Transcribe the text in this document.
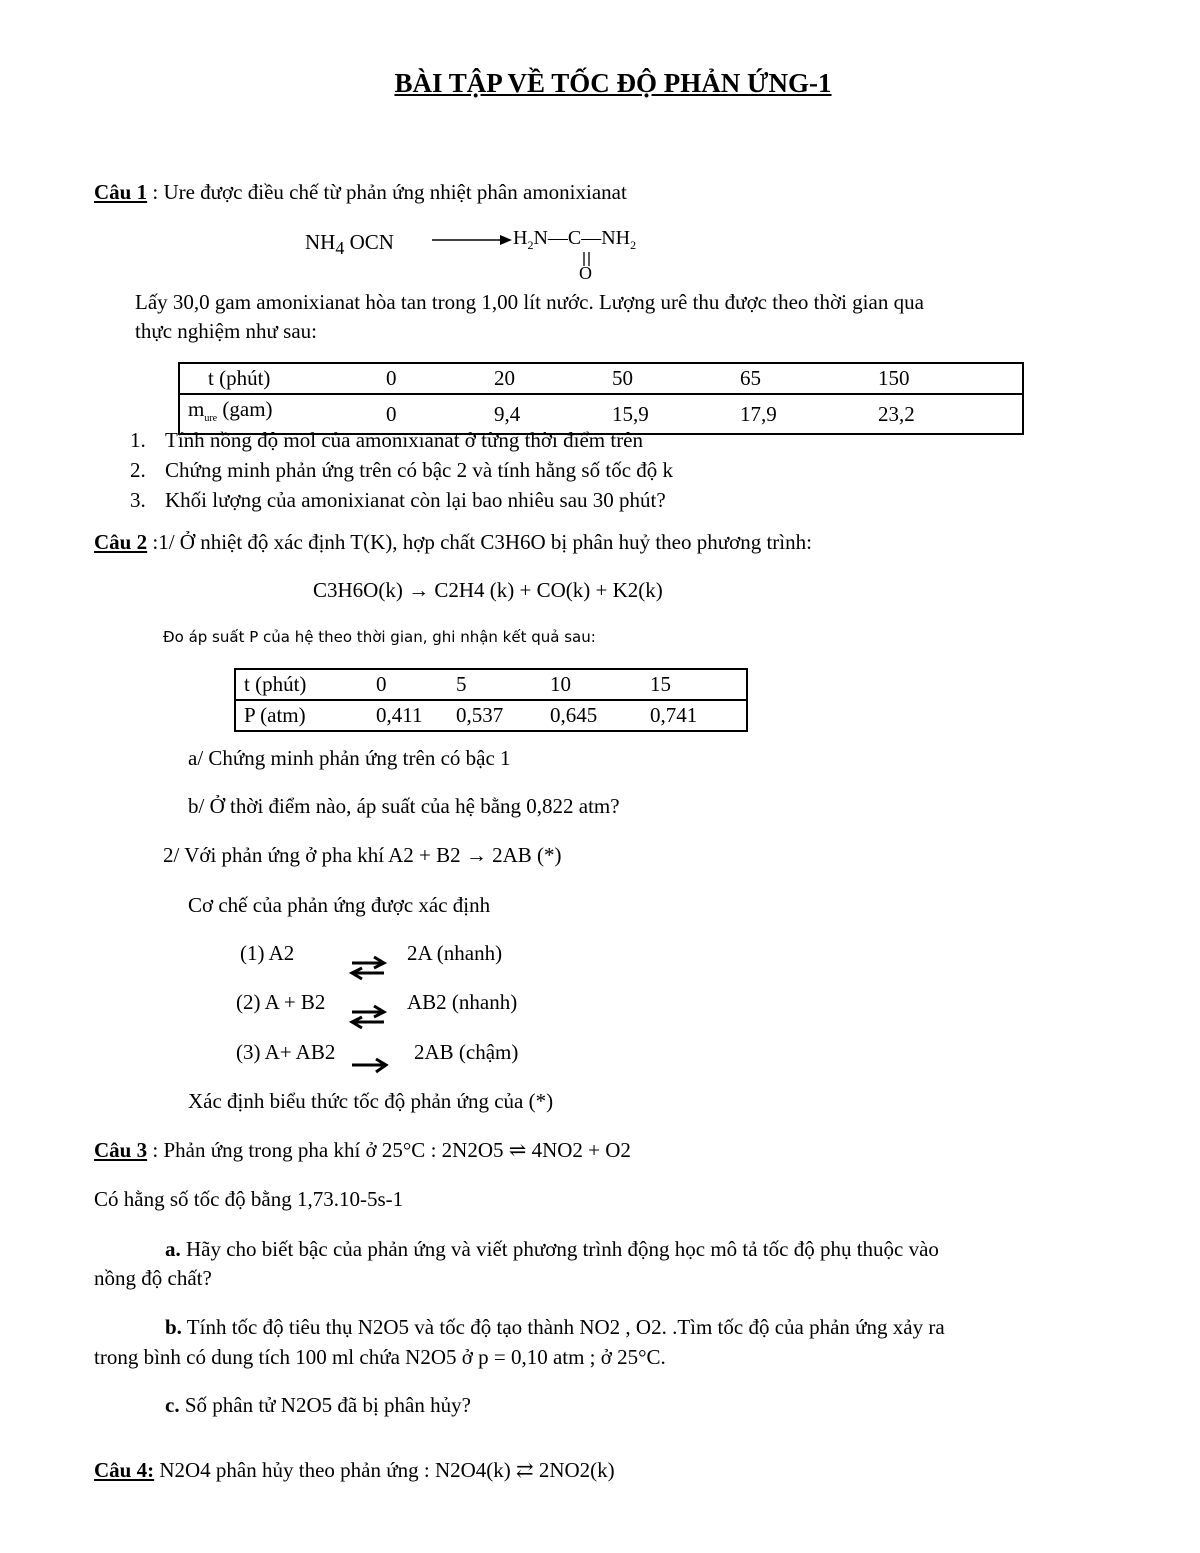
BÀI TẬP VỀ TỐC ĐỘ PHẢN ỨNG-1
Câu 1 : Ure được điều chế từ phản ứng nhiệt phân amonixianat
$NH_4$ OCN	$H_2N—C—NH_2$
O
Lấy 30,0 gam amonixianat hòa tan trong 1,00 lít nước. Lượng urê thu được theo thời gian qua
thực nghiệm như sau:
t (phút)	0	20	50	65	150
$m_{ure}$ (gam)	0	9,4	15,9	17,9	23,2
1. Tính nồng độ mol của amonixianat ở từng thời điểm trên
2. Chứng minh phản ứng trên có bậc 2 và tính hằng số tốc độ k
3. Khối lượng của amonixianat còn lại bao nhiêu sau 30 phút?
Câu 2 :1/ Ở nhiệt độ xác định T(K), hợp chất C3H6O bị phân huỷ theo phương trình:
C3H6O(k) → C2H4 (k) + CO(k) + K2(k)
Đo áp suất P của hệ theo thời gian, ghi nhận kết quả sau:
t (phút)	0	5	10	15
P (atm)	0,411	0,537	0,645	0,741
a/ Chứng minh phản ứng trên có bậc 1
b/ Ở thời điểm nào, áp suất của hệ bằng 0,822 atm?
2/ Với phản ứng ở pha khí A2 + B2 → 2AB (*)
Cơ chế của phản ứng được xác định
(1) A2	2A (nhanh)
(2) A + B2	AB2 (nhanh)
(3) A+ AB2	2AB (chậm)
Xác định biểu thức tốc độ phản ứng của (*)
Câu 3 : Phản ứng trong pha khí ở 25°C : 2N2O5 ⇌ 4NO2 + O2
Có hằng số tốc độ bằng 1,73.10-5s-1
a. Hãy cho biết bậc của phản ứng và viết phương trình động học mô tả tốc độ phụ thuộc vào
nồng độ chất?
b. Tính tốc độ tiêu thụ N2O5 và tốc độ tạo thành NO2 , O2. .Tìm tốc độ của phản ứng xảy ra
trong bình có dung tích 100 ml chứa N2O5 ở p = 0,10 atm ; ở 25°C.
c. Số phân tử N2O5 đã bị phân hủy?
Câu 4: N2O4 phân hủy theo phản ứng : N2O4(k) ⇄ 2NO2(k)
